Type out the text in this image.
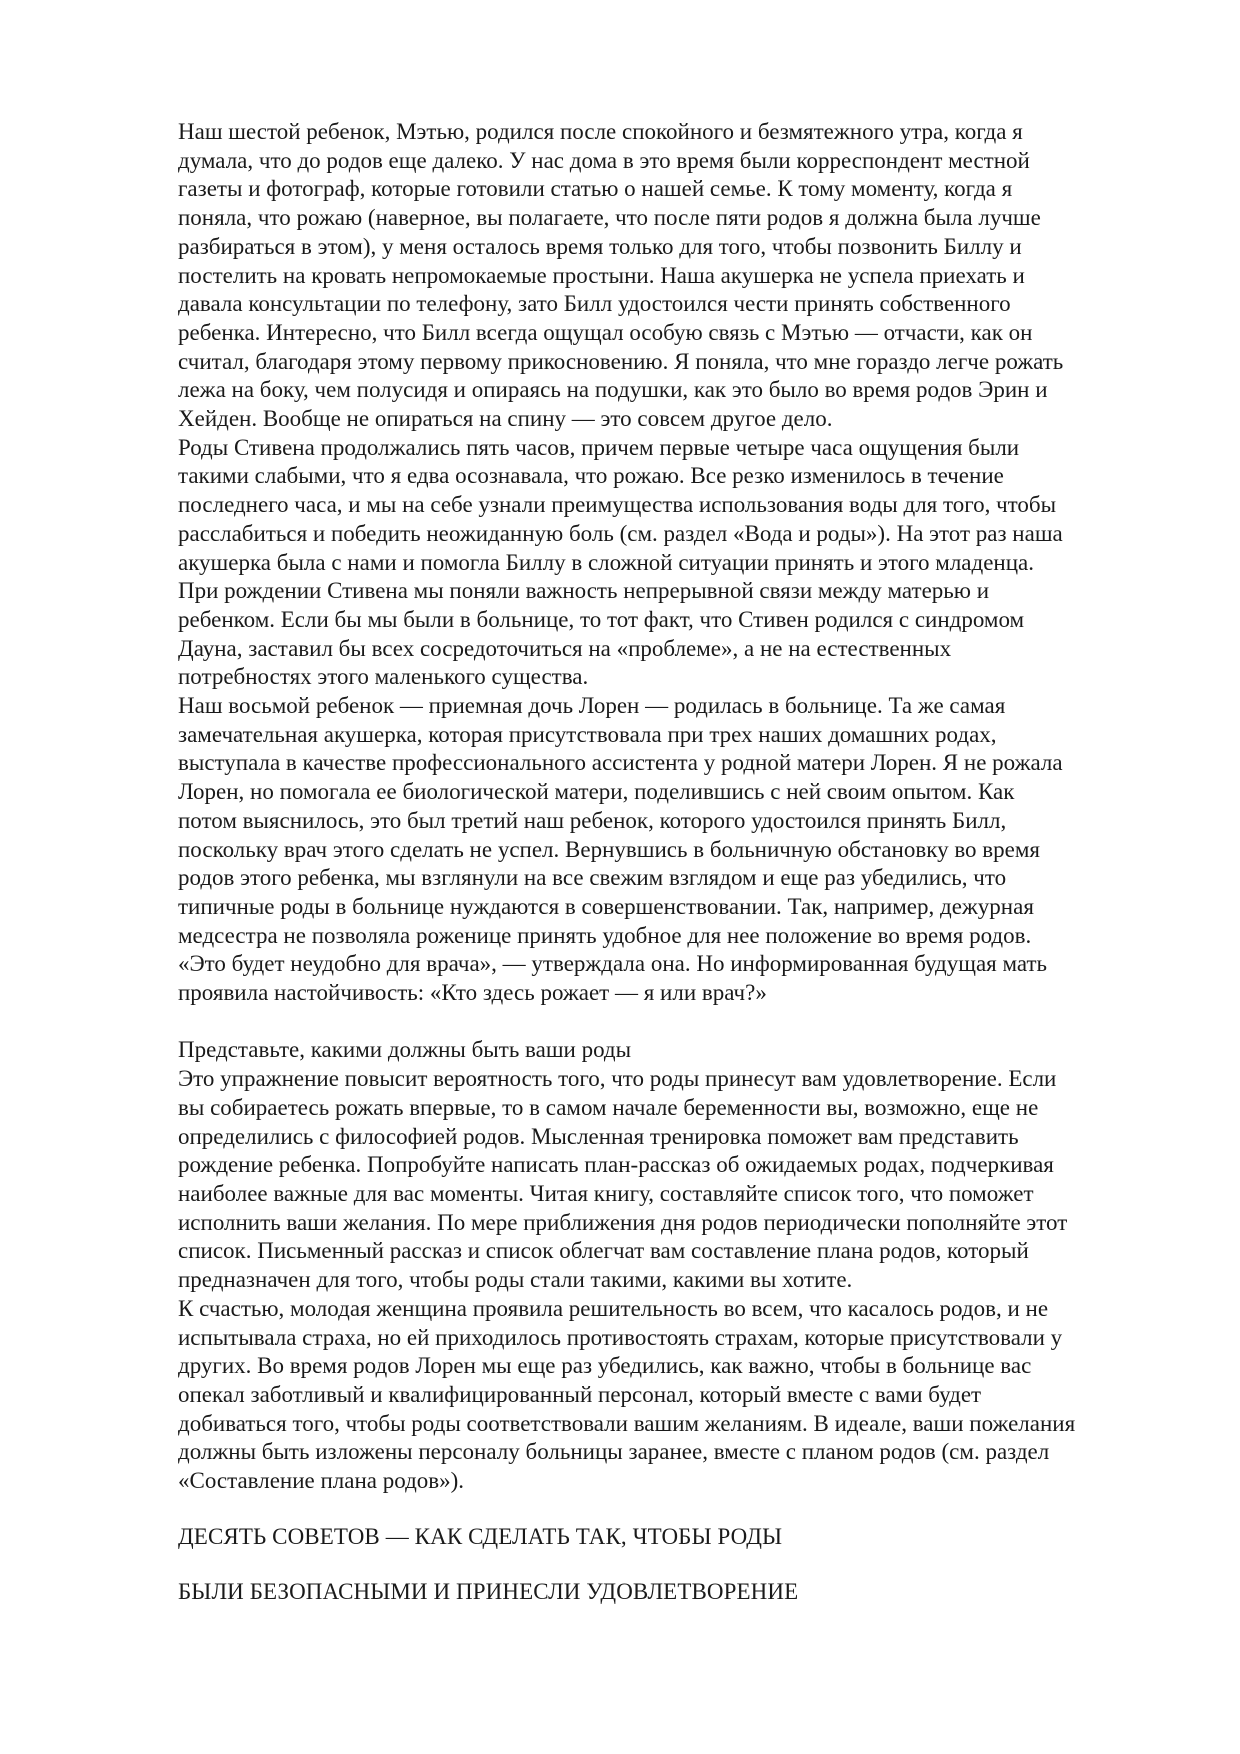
Наш шестой ребенок, Мэтью, родился после спокойного и безмятежного утра, когда я думала, что до родов еще далеко. У нас дома в это время были корреспондент местной газеты и фотограф, которые готовили статью о нашей семье. К тому моменту, когда я поняла, что рожаю (наверное, вы полагаете, что после пяти родов я должна была лучше разбираться в этом), у меня осталось время только для того, чтобы позвонить Биллу и постелить на кровать непромокаемые простыни. Наша акушерка не успела приехать и давала консультации по телефону, зато Билл удостоился чести принять собственного ребенка. Интересно, что Билл всегда ощущал особую связь с Мэтью — отчасти, как он считал, благодаря этому первому прикосновению. Я поняла, что мне гораздо легче рожать лежа на боку, чем полусидя и опираясь на подушки, как это было во время родов Эрин и Хейден. Вообще не опираться на спину — это совсем другое дело.

Роды Стивена продолжались пять часов, причем первые четыре часа ощущения были такими слабыми, что я едва осознавала, что рожаю. Все резко изменилось в течение последнего часа, и мы на себе узнали преимущества использования воды для того, чтобы расслабиться и победить неожиданную боль (см. раздел «Вода и роды»). На этот раз наша акушерка была с нами и помогла Биллу в сложной ситуации принять и этого младенца. При рождении Стивена мы поняли важность непрерывной связи между матерью и ребенком. Если бы мы были в больнице, то тот факт, что Стивен родился с синдромом Дауна, заставил бы всех сосредоточиться на «проблеме», а не на естественных потребностях этого маленького существа.

Наш восьмой ребенок — приемная дочь Лорен — родилась в больнице. Та же самая замечательная акушерка, которая присутствовала при трех наших домашних родах, выступала в качестве профессионального ассистента у родной матери Лорен. Я не рожала Лорен, но помогала ее биологической матери, поделившись с ней своим опытом. Как потом выяснилось, это был третий наш ребенок, которого удостоился принять Билл, поскольку врач этого сделать не успел. Вернувшись в больничную обстановку во время родов этого ребенка, мы взглянули на все свежим взглядом и еще раз убедились, что типичные роды в больнице нуждаются в совершенствовании. Так, например, дежурная медсестра не позволяла роженице принять удобное для нее положение во время родов. «Это будет неудобно для врача», — утверждала она. Но информированная будущая мать проявила настойчивость: «Кто здесь рожает — я или врач?»

Представьте, какими должны быть ваши роды

Это упражнение повысит вероятность того, что роды принесут вам удовлетворение. Если вы собираетесь рожать впервые, то в самом начале беременности вы, возможно, еще не определились с философией родов. Мысленная тренировка поможет вам представить рождение ребенка. Попробуйте написать план-рассказ об ожидаемых родах, подчеркивая наиболее важные для вас моменты. Читая книгу, составляйте список того, что поможет исполнить ваши желания. По мере приближения дня родов периодически пополняйте этот список. Письменный рассказ и список облегчат вам составление плана родов, который предназначен для того, чтобы роды стали такими, какими вы хотите.

К счастью, молодая женщина проявила решительность во всем, что касалось родов, и не испытывала страха, но ей приходилось противостоять страхам, которые присутствовали у других. Во время родов Лорен мы еще раз убедились, как важно, чтобы в больнице вас опекал заботливый и квалифицированный персонал, который вместе с вами будет добиваться того, чтобы роды соответствовали вашим желаниям. В идеале, ваши пожелания должны быть изложены персоналу больницы заранее, вместе с планом родов (см. раздел «Составление плана родов»).

ДЕСЯТЬ СОВЕТОВ — КАК СДЕЛАТЬ ТАК, ЧТОБЫ РОДЫ

БЫЛИ БЕЗОПАСНЫМИ И ПРИНЕСЛИ УДОВЛЕТВОРЕНИЕ
